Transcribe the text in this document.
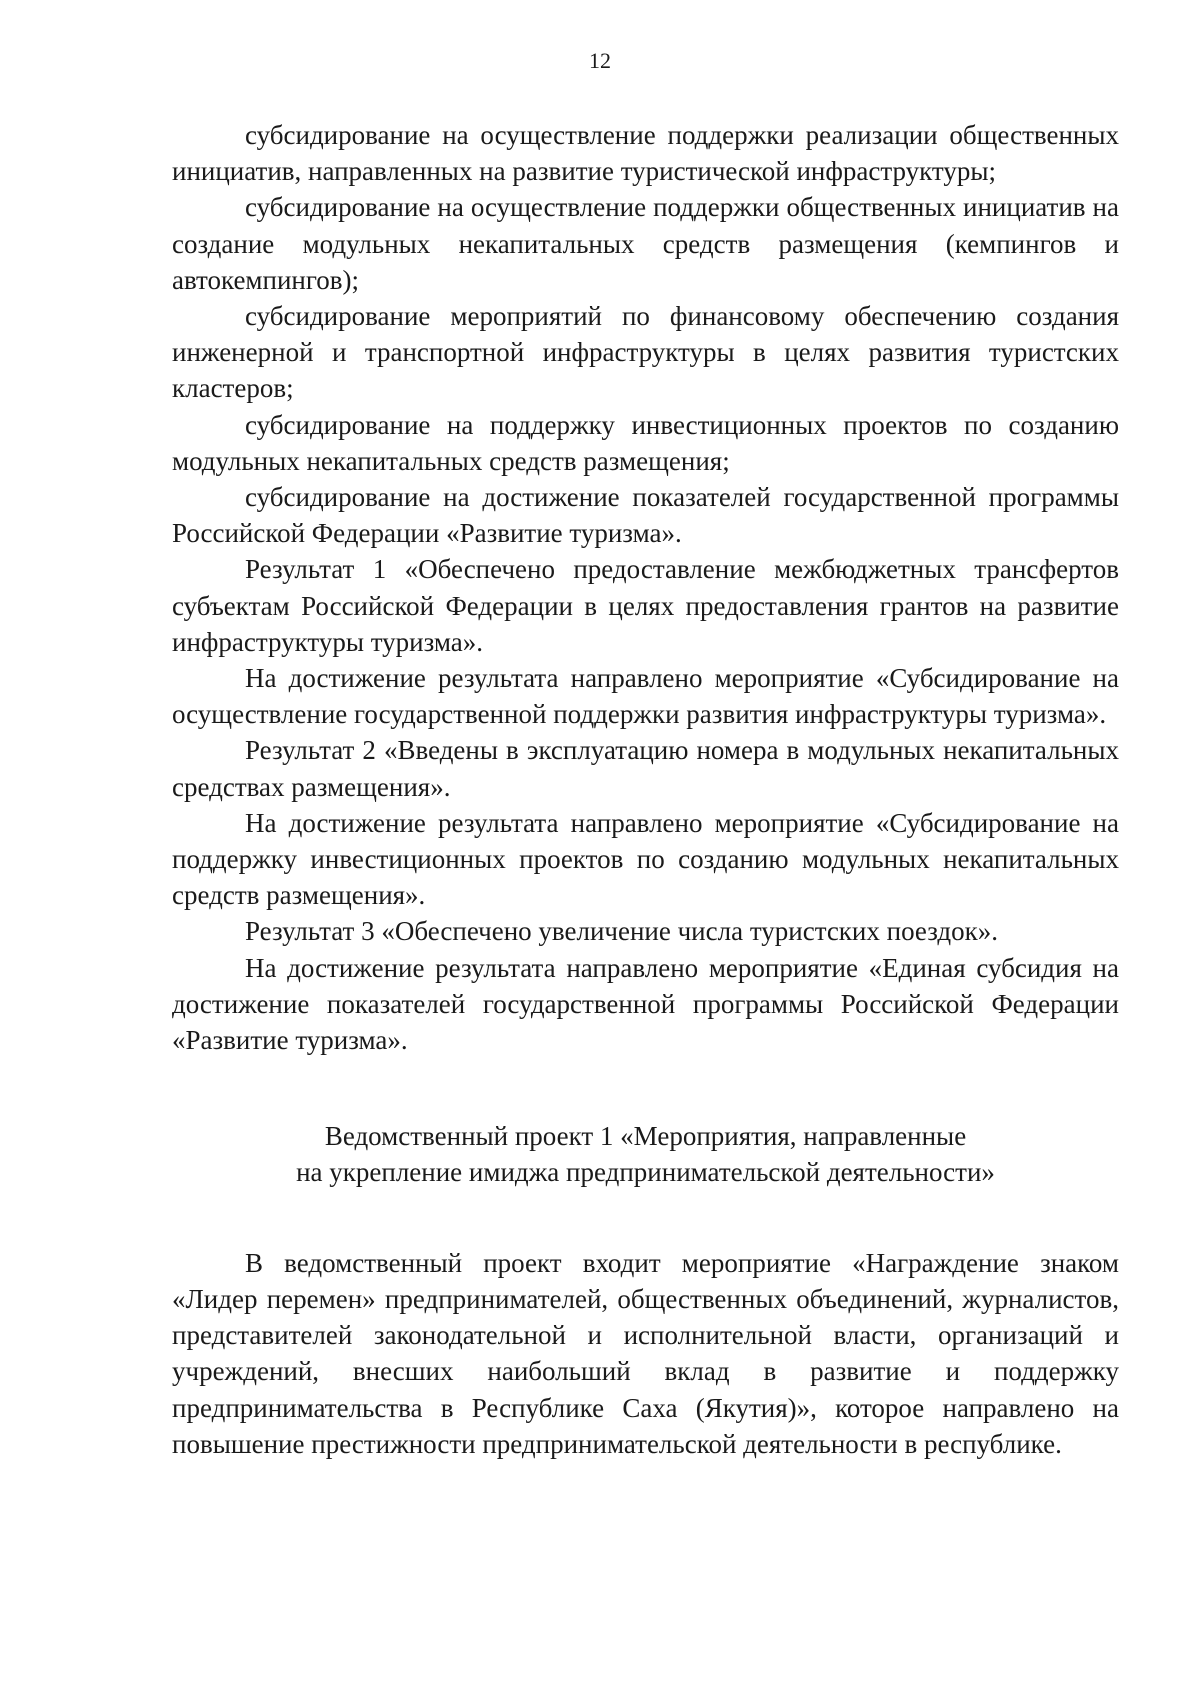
12

субсидирование на осуществление поддержки реализации общественных инициатив, направленных на развитие туристической инфраструктуры;

субсидирование на осуществление поддержки общественных инициатив на создание модульных некапитальных средств размещения (кемпингов и автокемпингов);

субсидирование мероприятий по финансовому обеспечению создания инженерной и транспортной инфраструктуры в целях развития туристских кластеров;

субсидирование на поддержку инвестиционных проектов по созданию модульных некапитальных средств размещения;

субсидирование на достижение показателей государственной программы Российской Федерации «Развитие туризма».

Результат 1 «Обеспечено предоставление межбюджетных трансфертов субъектам Российской Федерации в целях предоставления грантов на развитие инфраструктуры туризма».

На достижение результата направлено мероприятие «Субсидирование на осуществление государственной поддержки развития инфраструктуры туризма».

Результат 2 «Введены в эксплуатацию номера в модульных некапитальных средствах размещения».

На достижение результата направлено мероприятие «Субсидирование на поддержку инвестиционных проектов по созданию модульных некапитальных средств размещения».

Результат 3 «Обеспечено увеличение числа туристских поездок».

На достижение результата направлено мероприятие «Единая субсидия на достижение показателей государственной программы Российской Федерации «Развитие туризма».

Ведомственный проект 1 «Мероприятия, направленные
на укрепление имиджа предпринимательской деятельности»

В ведомственный проект входит мероприятие «Награждение знаком «Лидер перемен» предпринимателей, общественных объединений, журналистов, представителей законодательной и исполнительной власти, организаций и учреждений, внесших наибольший вклад в развитие и поддержку предпринимательства в Республике Саха (Якутия)», которое направлено на повышение престижности предпринимательской деятельности в республике.
